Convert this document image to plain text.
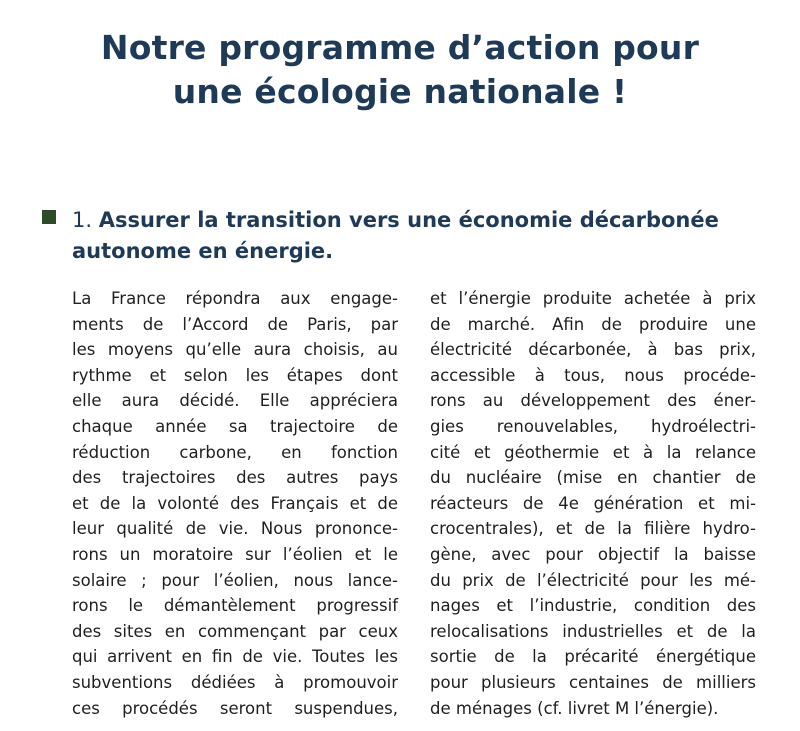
Notre programme d’action pour
une écologie nationale !
1. Assurer la transition vers une économie décarbonée
autonome en énergie.
La France répondra aux engage-
ments de l’Accord de Paris, par
les moyens qu’elle aura choisis, au
rythme et selon les étapes dont
elle aura décidé. Elle appréciera
chaque année sa trajectoire de
réduction carbone, en fonction
des trajectoires des autres pays
et de la volonté des Français et de
leur qualité de vie. Nous prononce-
rons un moratoire sur l’éolien et le
solaire ; pour l’éolien, nous lance-
rons le démantèlement progressif
des sites en commençant par ceux
qui arrivent en fin de vie. Toutes les
subventions dédiées à promouvoir
ces procédés seront suspendues,
et l’énergie produite achetée à prix
de marché. Afin de produire une
électricité décarbonée, à bas prix,
accessible à tous, nous procéde-
rons au développement des éner-
gies renouvelables, hydroélectri-
cité et géothermie et à la relance
du nucléaire (mise en chantier de
réacteurs de 4e génération et mi-
crocentrales), et de la filière hydro-
gène, avec pour objectif la baisse
du prix de l’électricité pour les mé-
nages et l’industrie, condition des
relocalisations industrielles et de la
sortie de la précarité énergétique
pour plusieurs centaines de milliers
de ménages (cf. livret M l’énergie).
